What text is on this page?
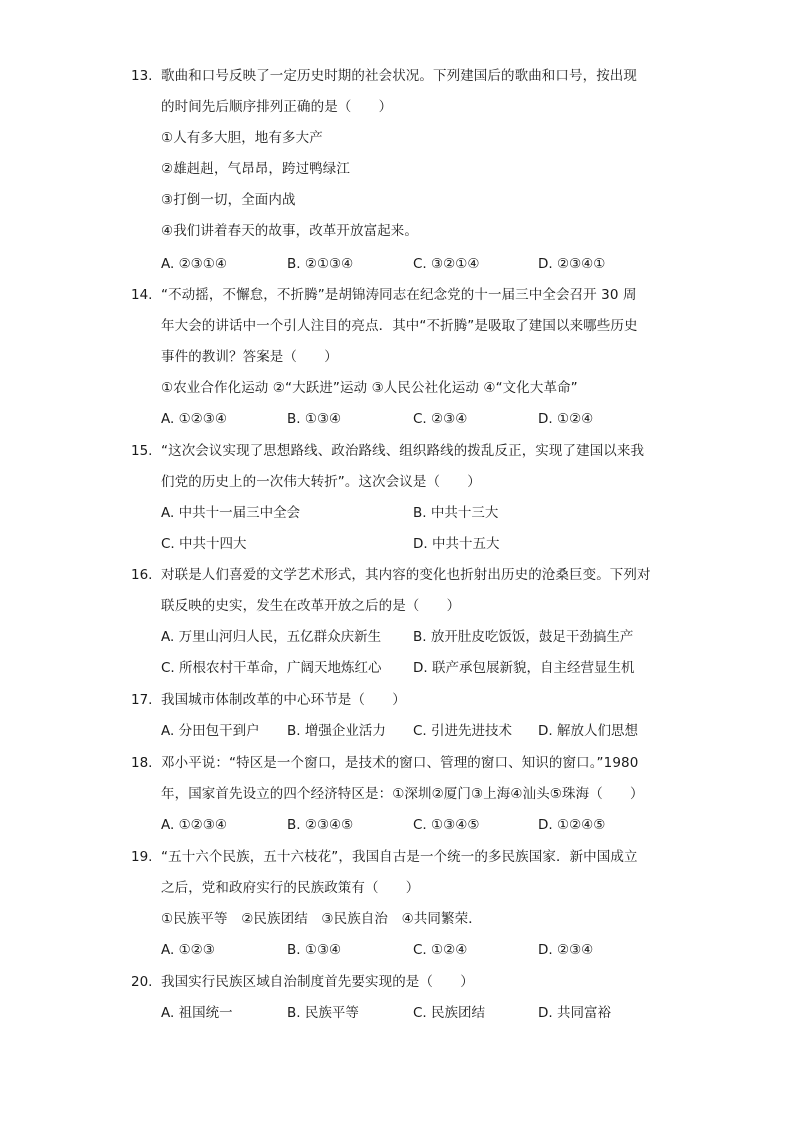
13. 歌曲和口号反映了一定历史时期的社会状况。下列建国后的歌曲和口号，按出现
的时间先后顺序排列正确的是（　　）
①人有多大胆，地有多大产
②雄赳赳，气昂昂，跨过鸭绿江
③打倒一切，全面内战
④我们讲着春天的故事，改革开放富起来。
A. ②③①④	B. ②①③④	C. ③②①④	D. ②③④①
14. “不动摇，不懈怠，不折腾”是胡锦涛同志在纪念党的十一届三中全会召开 30 周
年大会的讲话中一个引人注目的亮点．其中“不折腾”是吸取了建国以来哪些历史
事件的教训？答案是（　　）
①农业合作化运动 ②“大跃进”运动 ③人民公社化运动 ④“文化大革命”
A. ①②③④	B. ①③④	C. ②③④	D. ①②④
15. “这次会议实现了思想路线、政治路线、组织路线的拨乱反正，实现了建国以来我
们党的历史上的一次伟大转折”。这次会议是（　　）
A. 中共十一届三中全会	B. 中共十三大
C. 中共十四大	D. 中共十五大
16. 对联是人们喜爱的文学艺术形式，其内容的变化也折射出历史的沧桑巨变。下列对
联反映的史实，发生在改革开放之后的是（　　）
A. 万里山河归人民，五亿群众庆新生 B. 放开肚皮吃饭饭，鼓足干劲搞生产
C. 所根农村干革命，广阔天地炼红心 D. 联产承包展新貌，自主经营显生机
17. 我国城市体制改革的中心环节是（　　）
A. 分田包干到户 B. 增强企业活力 C. 引进先进技术 D. 解放人们思想
18. 邓小平说：“特区是一个窗口，是技术的窗口、管理的窗口、知识的窗口。”1980
年，国家首先设立的四个经济特区是：①深圳②厦门③上海④汕头⑤珠海（　　）
A. ①②③④	B. ②③④⑤	C. ①③④⑤	D. ①②④⑤
19. “五十六个民族，五十六枝花”，我国自古是一个统一的多民族国家．新中国成立
之后，党和政府实行的民族政策有（　　）
①民族平等　②民族团结　③民族自治　④共同繁荣．
A. ①②③	B. ①③④	C. ①②④	D. ②③④
20. 我国实行民族区域自治制度首先要实现的是（　　）
A. 祖国统一	B. 民族平等	C. 民族团结	D. 共同富裕
